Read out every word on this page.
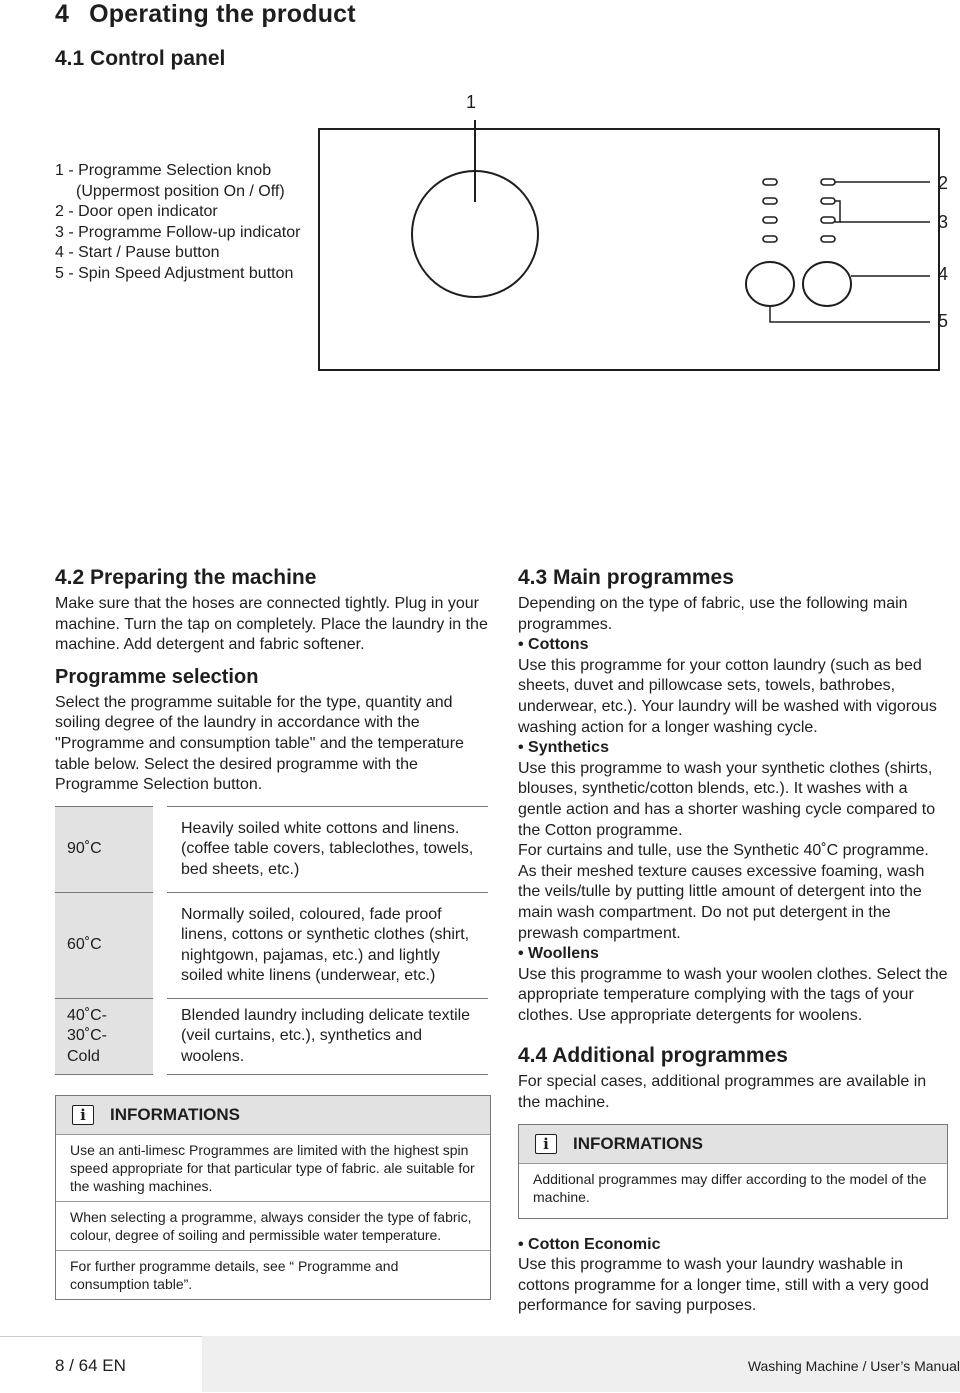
4 Operating the product
4.1 Control panel
1 - Programme Selection knob
(Uppermost position On / Off)
2 - Door open indicator
3 - Programme Follow-up indicator
4 - Start / Pause button
5 - Spin Speed Adjustment button
1
2
3
4
5
4.2 Preparing the machine
Make sure that the hoses are connected tightly. Plug in your machine. Turn the tap on completely. Place the laundry in the machine. Add detergent and fabric softener.
Programme selection
Select the programme suitable for the type, quantity and soiling degree of the laundry in accordance with the "Programme and consumption table" and the temperature table below. Select the desired programme with the Programme Selection button.
90˚C	Heavily soiled white cottons and linens. (coffee table covers, tableclothes, towels, bed sheets, etc.)
60˚C	Normally soiled, coloured, fade proof linens, cottons or synthetic clothes (shirt, nightgown, pajamas, etc.) and lightly soiled white linens (underwear, etc.)
40˚C-
30˚C-
Cold	Blended laundry including delicate textile (veil curtains, etc.), synthetics and woolens.
i	INFORMATIONS
Use an anti-limesc Programmes are limited with the highest spin speed appropriate for that particular type of fabric. ale suitable for the washing machines.
When selecting a programme, always consider the type of fabric, colour, degree of soiling and permissible water temperature.
For further programme details, see “ Programme and consumption table”.
4.3 Main programmes
Depending on the type of fabric, use the following main programmes.
• Cottons
Use this programme for your cotton laundry (such as bed sheets, duvet and pillowcase sets, towels, bathrobes, underwear, etc.). Your laundry will be washed with vigorous washing action for a longer washing cycle.
• Synthetics
Use this programme to wash your synthetic clothes (shirts, blouses, synthetic/cotton blends, etc.). It washes with a gentle action and has a shorter washing cycle compared to the Cotton programme.
For curtains and tulle, use the Synthetic 40˚C programme. As their meshed texture causes excessive foaming, wash the veils/tulle by putting little amount of detergent into the main wash compartment. Do not put detergent in the prewash compartment.
• Woollens
Use this programme to wash your woolen clothes. Select the appropriate temperature complying with the tags of your clothes. Use appropriate detergents for woolens.
4.4 Additional programmes
For special cases, additional programmes are available in the machine.
i	INFORMATIONS
Additional programmes may differ according to the model of the machine.
• Cotton Economic
Use this programme to wash your laundry washable in cottons programme for a longer time, still with a very good performance for saving purposes.
8 / 64 EN	Washing Machine / User’s Manual
